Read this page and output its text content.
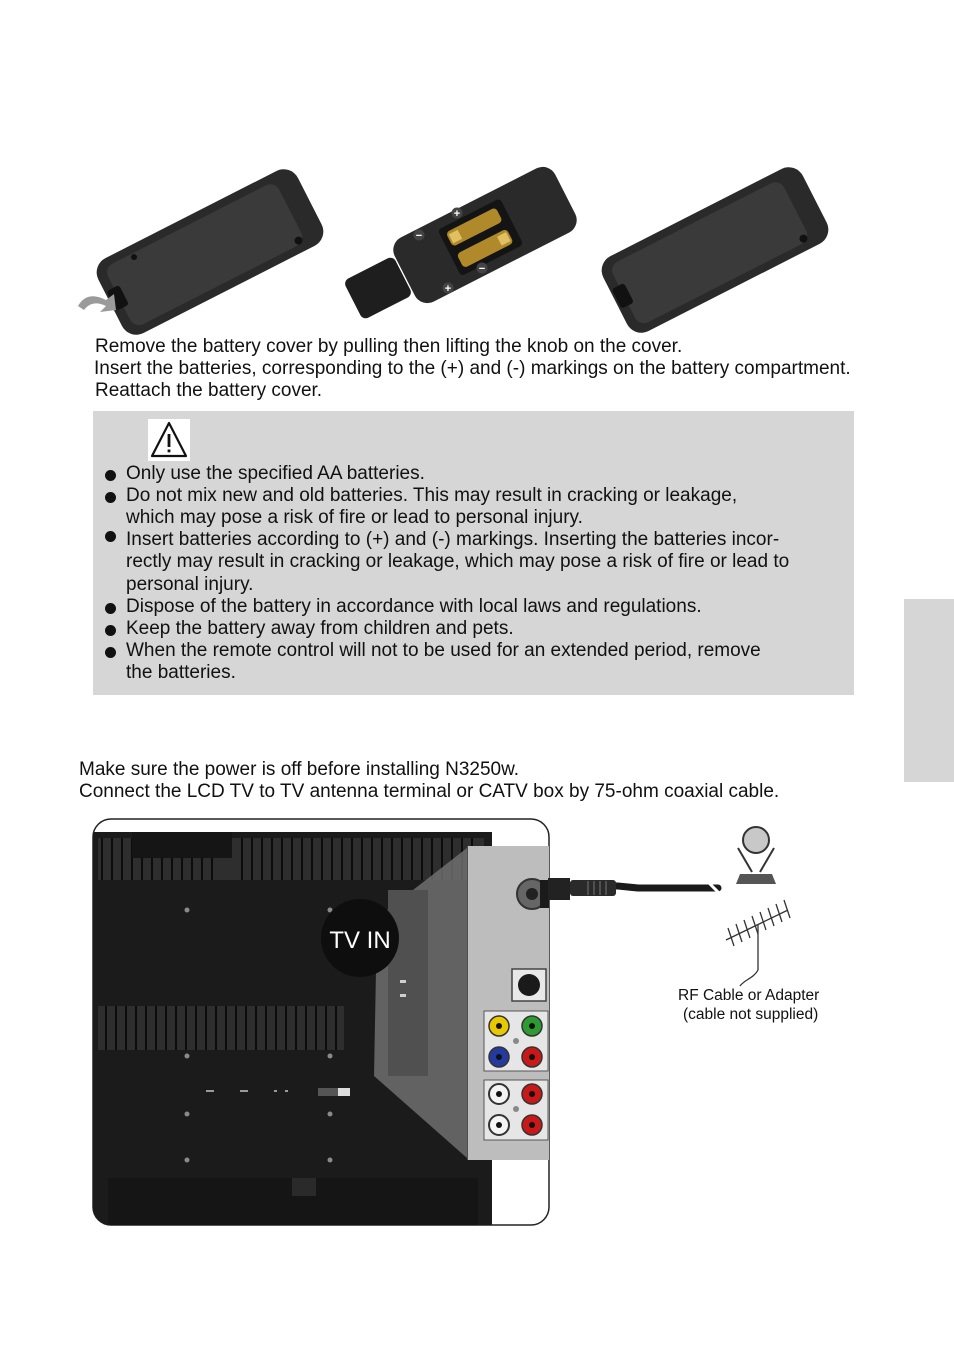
+
−
−
+
Remove the battery cover by pulling then lifting the knob on the cover.
Insert the batteries, corresponding to the (+) and (-) markings on the battery compartment.
Reattach the battery cover.
Only use the specified AA batteries.
Do not mix new and old batteries. This may result in cracking or leakage,
which may pose a risk of fire or lead to personal injury.
Insert batteries according to (+) and (-) markings. Inserting the batteries incor-
rectly may result in cracking or leakage, which may pose a risk of fire or lead to
personal injury.
Dispose of the battery in accordance with local laws and regulations.
Keep the battery away from children and pets.
When the remote control will not to be used for an extended period, remove
the batteries.
Make sure the power is off before installing N3250w.
Connect the LCD TV to TV antenna terminal or CATV box by 75-ohm coaxial cable.
TV IN
RF Cable or Adapter
(cable not supplied)
